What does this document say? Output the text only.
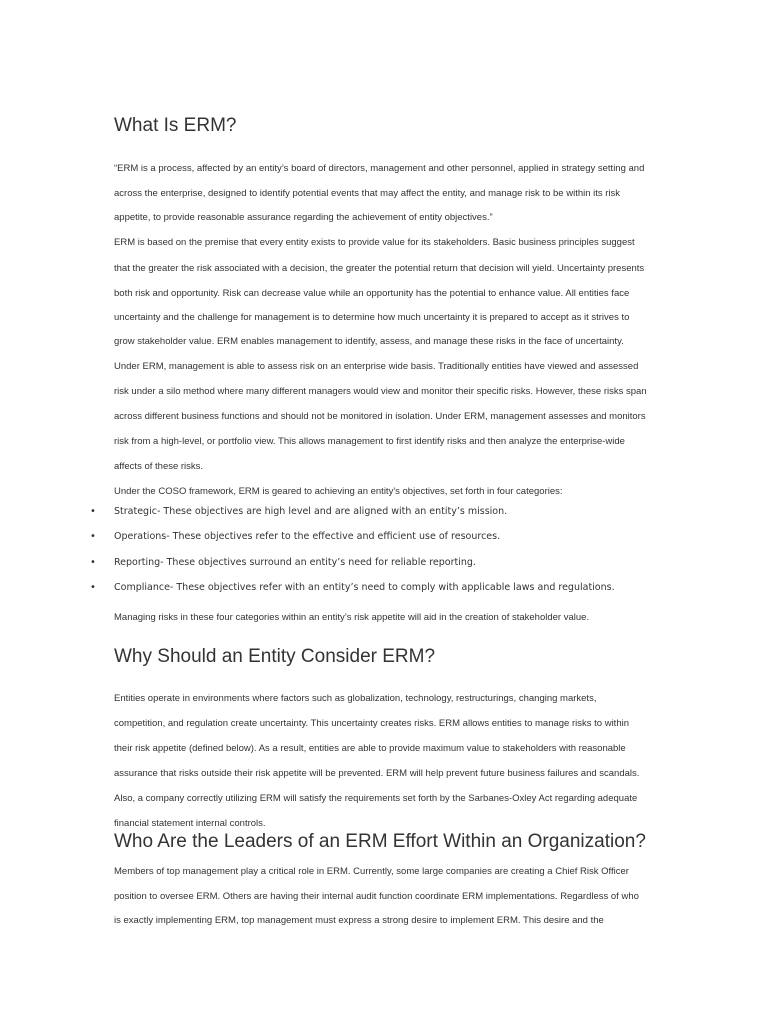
What Is ERM?
“ERM is a process, affected by an entity’s board of directors, management and other personnel, applied in strategy setting and
across the enterprise, designed to identify potential events that may affect the entity, and manage risk to be within its risk
appetite, to provide reasonable assurance regarding the achievement of entity objectives.”
ERM is based on the premise that every entity exists to provide value for its stakeholders. Basic business principles suggest
that the greater the risk associated with a decision, the greater the potential return that decision will yield. Uncertainty presents
both risk and opportunity. Risk can decrease value while an opportunity has the potential to enhance value. All entities face
uncertainty and the challenge for management is to determine how much uncertainty it is prepared to accept as it strives to
grow stakeholder value. ERM enables management to identify, assess, and manage these risks in the face of uncertainty.
Under ERM, management is able to assess risk on an enterprise wide basis. Traditionally entities have viewed and assessed
risk under a silo method where many different managers would view and monitor their specific risks. However, these risks span
across different business functions and should not be monitored in isolation. Under ERM, management assesses and monitors
risk from a high-level, or portfolio view. This allows management to first identify risks and then analyze the enterprise-wide
affects of these risks.
Under the COSO framework, ERM is geared to achieving an entity's objectives, set forth in four categories:
• Strategic- These objectives are high level and are aligned with an entity’s mission.
• Operations- These objectives refer to the effective and efficient use of resources.
• Reporting- These objectives surround an entity’s need for reliable reporting.
• Compliance- These objectives refer with an entity’s need to comply with applicable laws and regulations.
Managing risks in these four categories within an entity’s risk appetite will aid in the creation of stakeholder value.
Why Should an Entity Consider ERM?
Entities operate in environments where factors such as globalization, technology, restructurings, changing markets,
competition, and regulation create uncertainty. This uncertainty creates risks. ERM allows entities to manage risks to within
their risk appetite (defined below). As a result, entities are able to provide maximum value to stakeholders with reasonable
assurance that risks outside their risk appetite will be prevented. ERM will help prevent future business failures and scandals.
Also, a company correctly utilizing ERM will satisfy the requirements set forth by the Sarbanes-Oxley Act regarding adequate
financial statement internal controls.
Who Are the Leaders of an ERM Effort Within an Organization?
Members of top management play a critical role in ERM. Currently, some large companies are creating a Chief Risk Officer
position to oversee ERM. Others are having their internal audit function coordinate ERM implementations. Regardless of who
is exactly implementing ERM, top management must express a strong desire to implement ERM. This desire and the
